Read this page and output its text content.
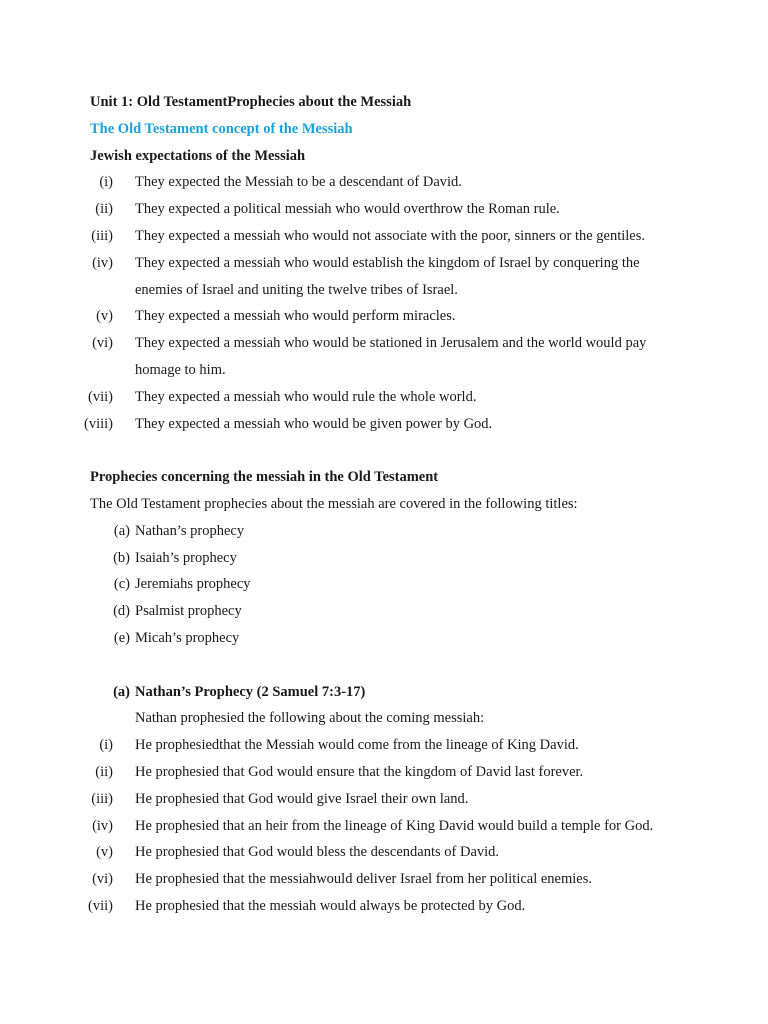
Unit 1: Old TestamentProphecies about the Messiah
The Old Testament concept of the Messiah
Jewish expectations of the Messiah
(i) They expected the Messiah to be a descendant of David.
(ii) They expected a political messiah who would overthrow the Roman rule.
(iii) They expected a messiah who would not associate with the poor, sinners or the gentiles.
(iv) They expected a messiah who would establish the kingdom of Israel by conquering the
enemies of Israel and uniting the twelve tribes of Israel.
(v) They expected a messiah who would perform miracles.
(vi) They expected a messiah who would be stationed in Jerusalem and the world would pay
homage to him.
(vii) They expected a messiah who would rule the whole world.
(viii) They expected a messiah who would be given power by God.
Prophecies concerning the messiah in the Old Testament
The Old Testament prophecies about the messiah are covered in the following titles:
(a) Nathan’s prophecy
(b) Isaiah’s prophecy
(c) Jeremiahs prophecy
(d) Psalmist prophecy
(e) Micah’s prophecy
(a) Nathan’s Prophecy (2 Samuel 7:3-17)
Nathan prophesied the following about the coming messiah:
(i) He prophesiedthat the Messiah would come from the lineage of King David.
(ii) He prophesied that God would ensure that the kingdom of David last forever.
(iii) He prophesied that God would give Israel their own land.
(iv) He prophesied that an heir from the lineage of King David would build a temple for God.
(v) He prophesied that God would bless the descendants of David.
(vi) He prophesied that the messiahwould deliver Israel from her political enemies.
(vii) He prophesied that the messiah would always be protected by God.
